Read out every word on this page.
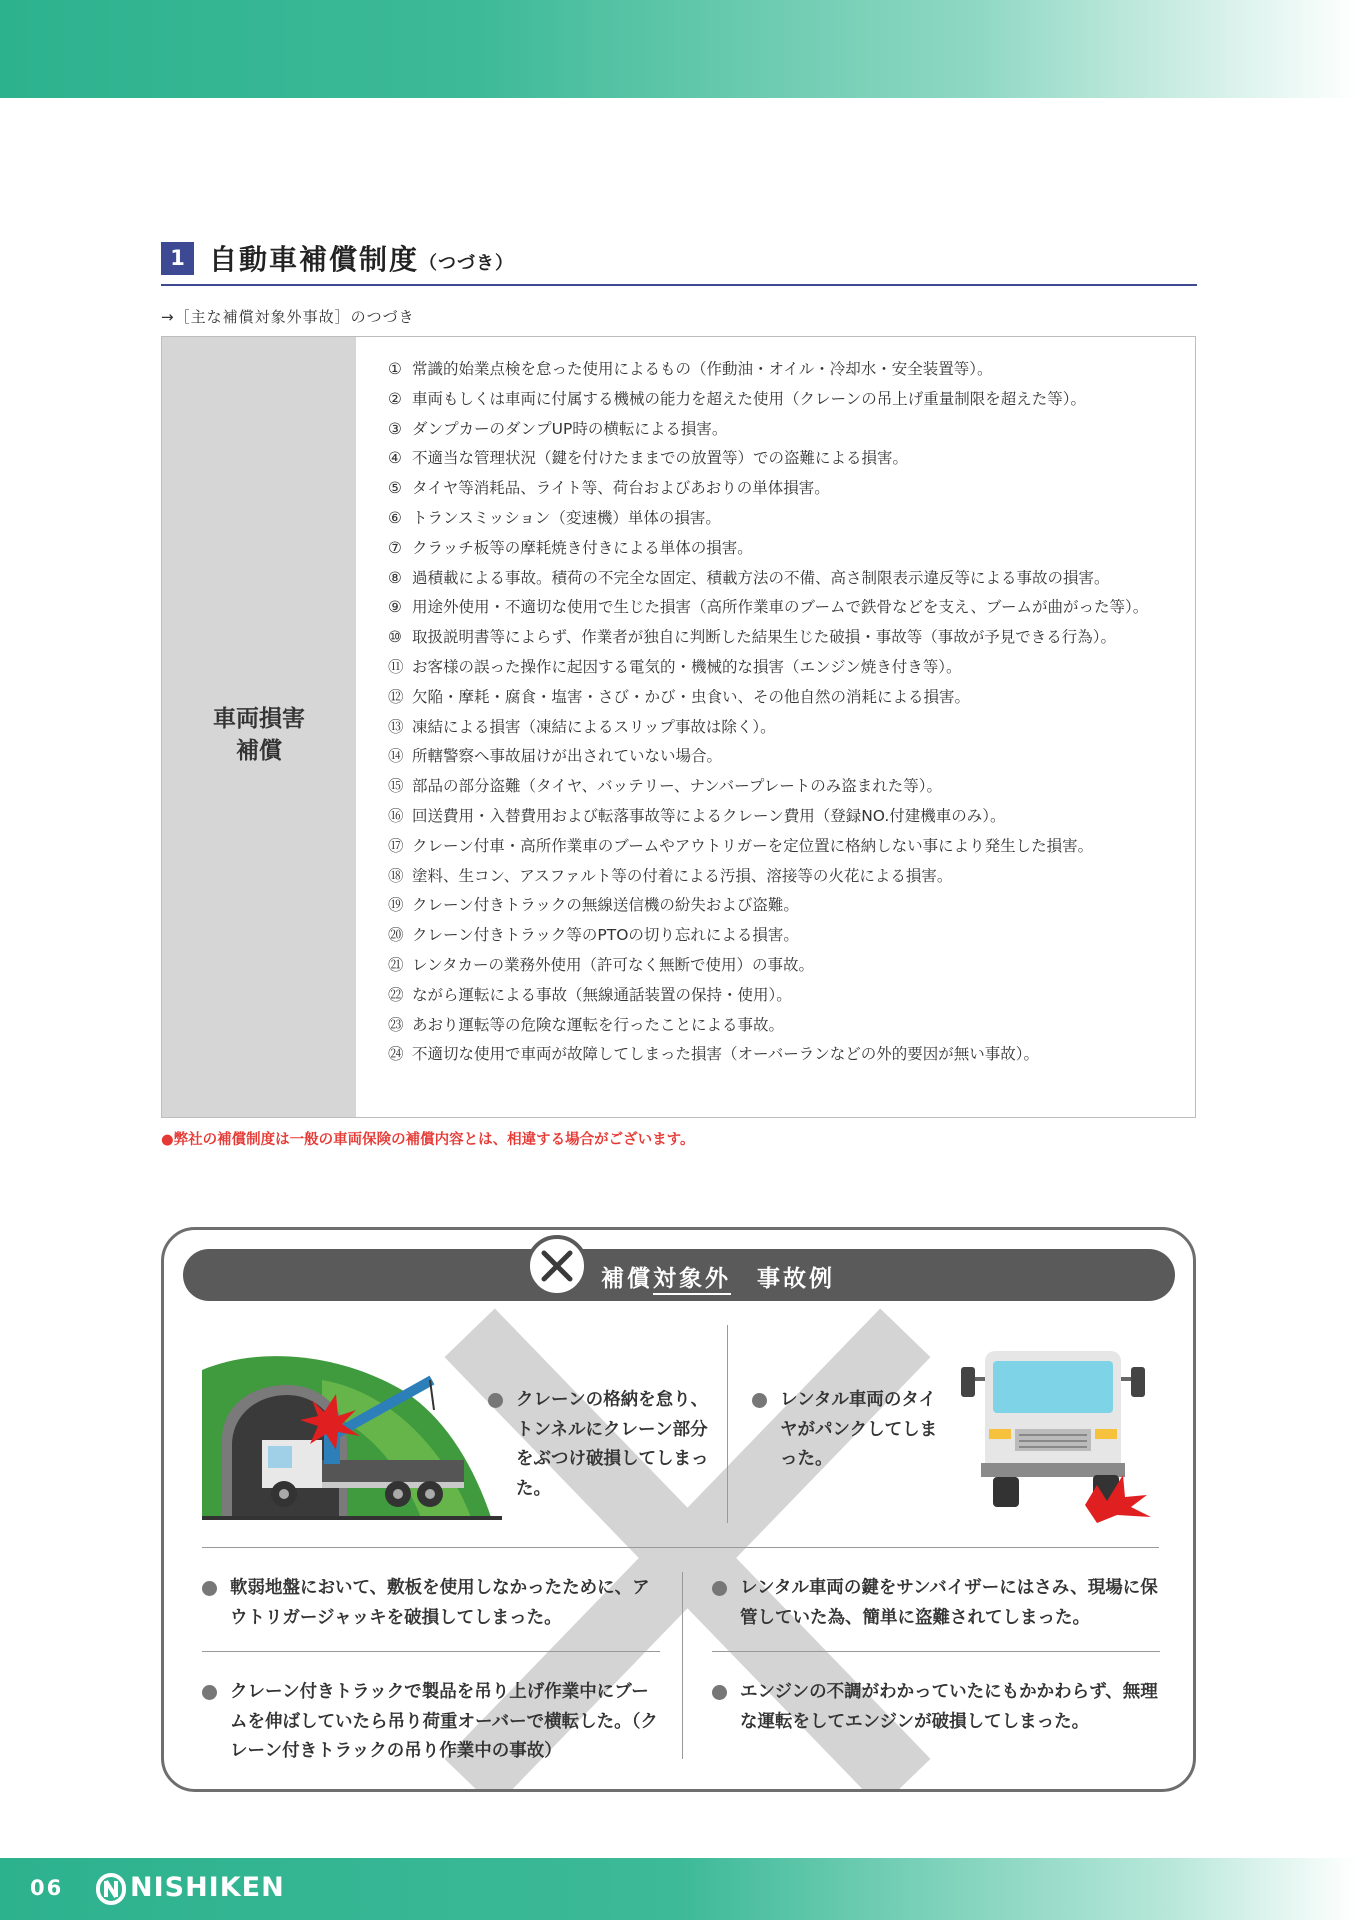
1 自動車補償制度（つづき）
→［主な補償対象外事故］のつづき
車両損害
補償
① 常識的始業点検を怠った使用によるもの（作動油・オイル・冷却水・安全装置等）。
② 車両もしくは車両に付属する機械の能力を超えた使用（クレーンの吊上げ重量制限を超えた等）。
③ ダンプカーのダンプUP時の横転による損害。
④ 不適当な管理状況（鍵を付けたままでの放置等）での盗難による損害。
⑤ タイヤ等消耗品、ライト等、荷台およびあおりの単体損害。
⑥ トランスミッション（変速機）単体の損害。
⑦ クラッチ板等の摩耗焼き付きによる単体の損害。
⑧ 過積載による事故。積荷の不完全な固定、積載方法の不備、高さ制限表示違反等による事故の損害。
⑨ 用途外使用・不適切な使用で生じた損害（高所作業車のブームで鉄骨などを支え、ブームが曲がった等）。
⑩ 取扱説明書等によらず、作業者が独自に判断した結果生じた破損・事故等（事故が予見できる行為）。
⑪ お客様の誤った操作に起因する電気的・機械的な損害（エンジン焼き付き等）。
⑫ 欠陥・摩耗・腐食・塩害・さび・かび・虫食い、その他自然の消耗による損害。
⑬ 凍結による損害（凍結によるスリップ事故は除く）。
⑭ 所轄警察へ事故届けが出されていない場合。
⑮ 部品の部分盗難（タイヤ、バッテリー、ナンバープレートのみ盗まれた等）。
⑯ 回送費用・入替費用および転落事故等によるクレーン費用（登録NO.付建機車のみ）。
⑰ クレーン付車・高所作業車のブームやアウトリガーを定位置に格納しない事により発生した損害。
⑱ 塗料、生コン、アスファルト等の付着による汚損、溶接等の火花による損害。
⑲ クレーン付きトラックの無線送信機の紛失および盗難。
⑳ クレーン付きトラック等のPTOの切り忘れによる損害。
㉑ レンタカーの業務外使用（許可なく無断で使用）の事故。
㉒ ながら運転による事故（無線通話装置の保持・使用）。
㉓ あおり運転等の危険な運転を行ったことによる事故。
㉔ 不適切な使用で車両が故障してしまった損害（オーバーランなどの外的要因が無い事故）。
●弊社の補償制度は一般の車両保険の補償内容とは、相違する場合がございます。
補償対象外  事故例
クレーンの格納を怠り、トンネルにクレーン部分をぶつけ破損してしまった。
レンタル車両のタイヤがパンクしてしまった。
軟弱地盤において、敷板を使用しなかったために、アウトリガージャッキを破損してしまった。
レンタル車両の鍵をサンバイザーにはさみ、現場に保管していた為、簡単に盗難されてしまった。
クレーン付きトラックで製品を吊り上げ作業中にブームを伸ばしていたら吊り荷重オーバーで横転した。（クレーン付きトラックの吊り作業中の事故）
エンジンの不調がわかっていたにもかかわらず、無理な運転をしてエンジンが破損してしまった。
06 NISHIKEN
